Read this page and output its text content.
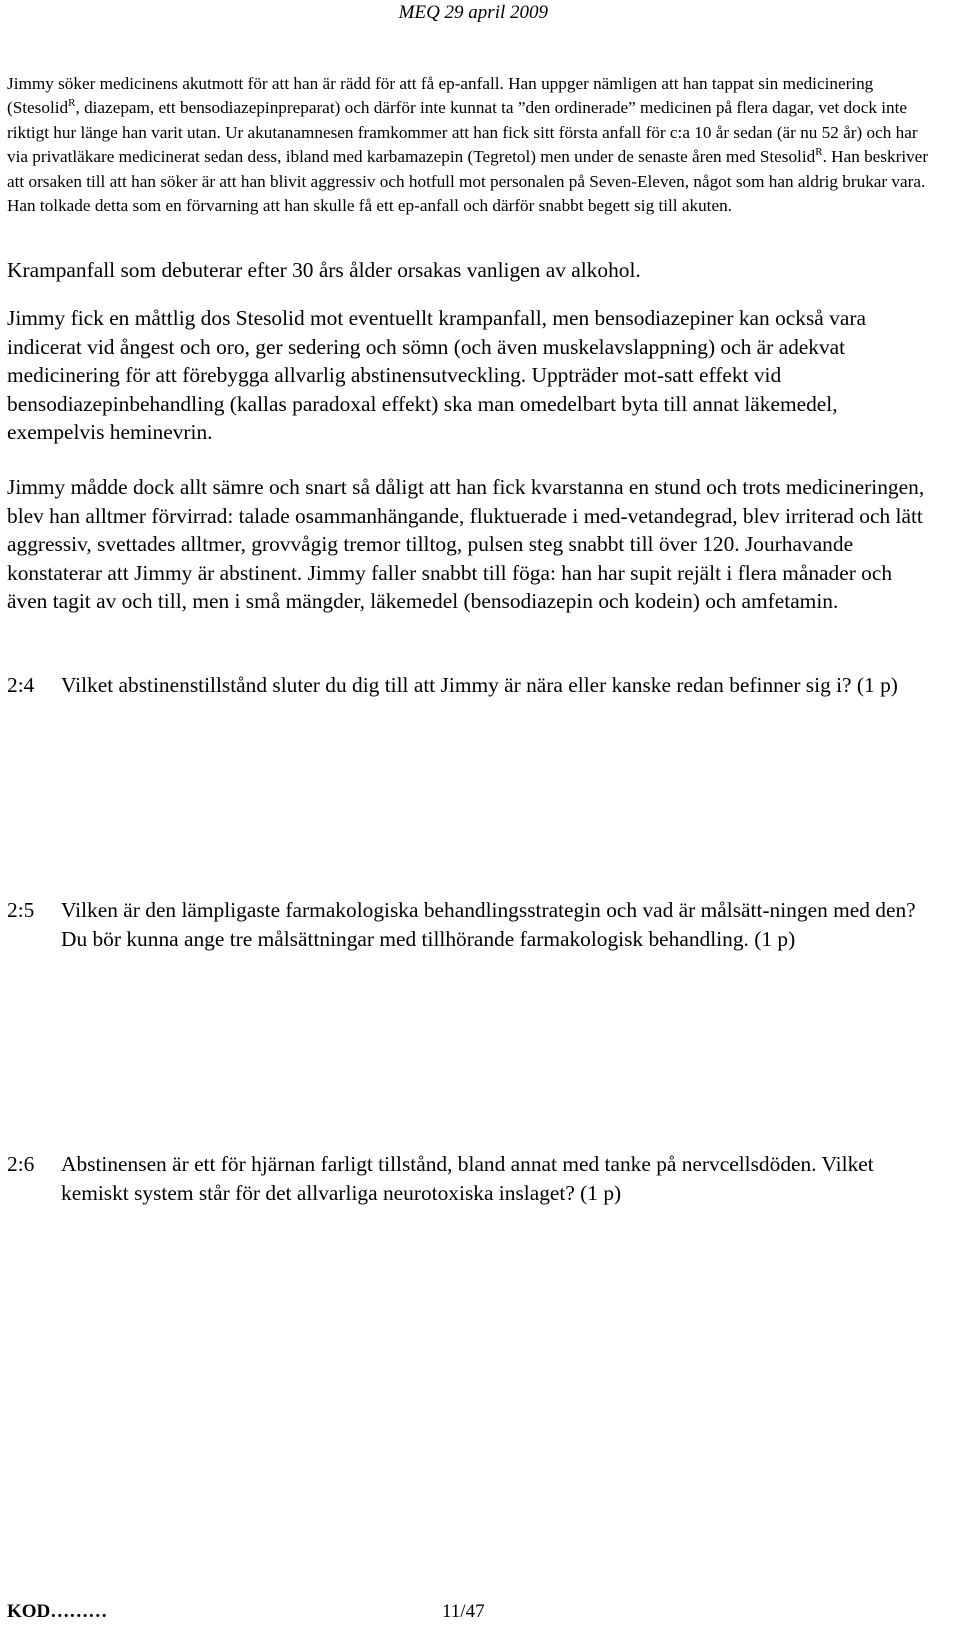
MEQ 29 april 2009
Jimmy söker medicinens akutmott för att han är rädd för att få ep-anfall. Han uppger nämligen att han tappat sin medicinering (Stesolid$^R$, diazepam, ett bensodiazepinpreparat) och därför inte kunnat ta ”den ordinerade” medicinen på flera dagar, vet dock inte riktigt hur länge han varit utan. Ur akutanamnesen framkommer att han fick sitt första anfall för c:a 10 år sedan (är nu 52 år) och har via privatläkare medicinerat sedan dess, ibland med karbamazepin (Tegretol) men under de senaste åren med Stesolid$^R$. Han beskriver att orsaken till att han söker är att han blivit aggressiv och hotfull mot personalen på Seven-Eleven, något som han aldrig brukar vara. Han tolkade detta som en förvarning att han skulle få ett ep-anfall och därför snabbt begett sig till akuten.
Krampanfall som debuterar efter 30 års ålder orsakas vanligen av alkohol.
Jimmy fick en måttlig dos Stesolid mot eventuellt krampanfall, men bensodiazepiner kan också vara indicerat vid ångest och oro, ger sedering och sömn (och även muskelavslappning) och är adekvat medicinering för att förebygga allvarlig abstinensutveckling. Uppträder mot-satt effekt vid bensodiazepinbehandling (kallas paradoxal effekt) ska man omedelbart byta till annat läkemedel, exempelvis heminevrin.
Jimmy mådde dock allt sämre och snart så dåligt att han fick kvarstanna en stund och trots medicineringen, blev han alltmer förvirrad: talade osammanhängande, fluktuerade i med-vetandegrad, blev irriterad och lätt aggressiv, svettades alltmer, grovvågig tremor tilltog, pulsen steg snabbt till över 120. Jourhavande konstaterar att Jimmy är abstinent. Jimmy faller snabbt till föga: han har supit rejält i flera månader och även tagit av och till, men i små mängder, läkemedel (bensodiazepin och kodein) och amfetamin.
2:4 Vilket abstinenstillstånd sluter du dig till att Jimmy är nära eller kanske redan befinner sig i? (1 p)
2:5 Vilken är den lämpligaste farmakologiska behandlingsstrategin och vad är målsätt-ningen med den? Du bör kunna ange tre målsättningar med tillhörande farmakologisk behandling. (1 p)
2:6 Abstinensen är ett för hjärnan farligt tillstånd, bland annat med tanke på nervcellsdöden. Vilket kemiskt system står för det allvarliga neurotoxiska inslaget? (1 p)
KOD………	11/47
